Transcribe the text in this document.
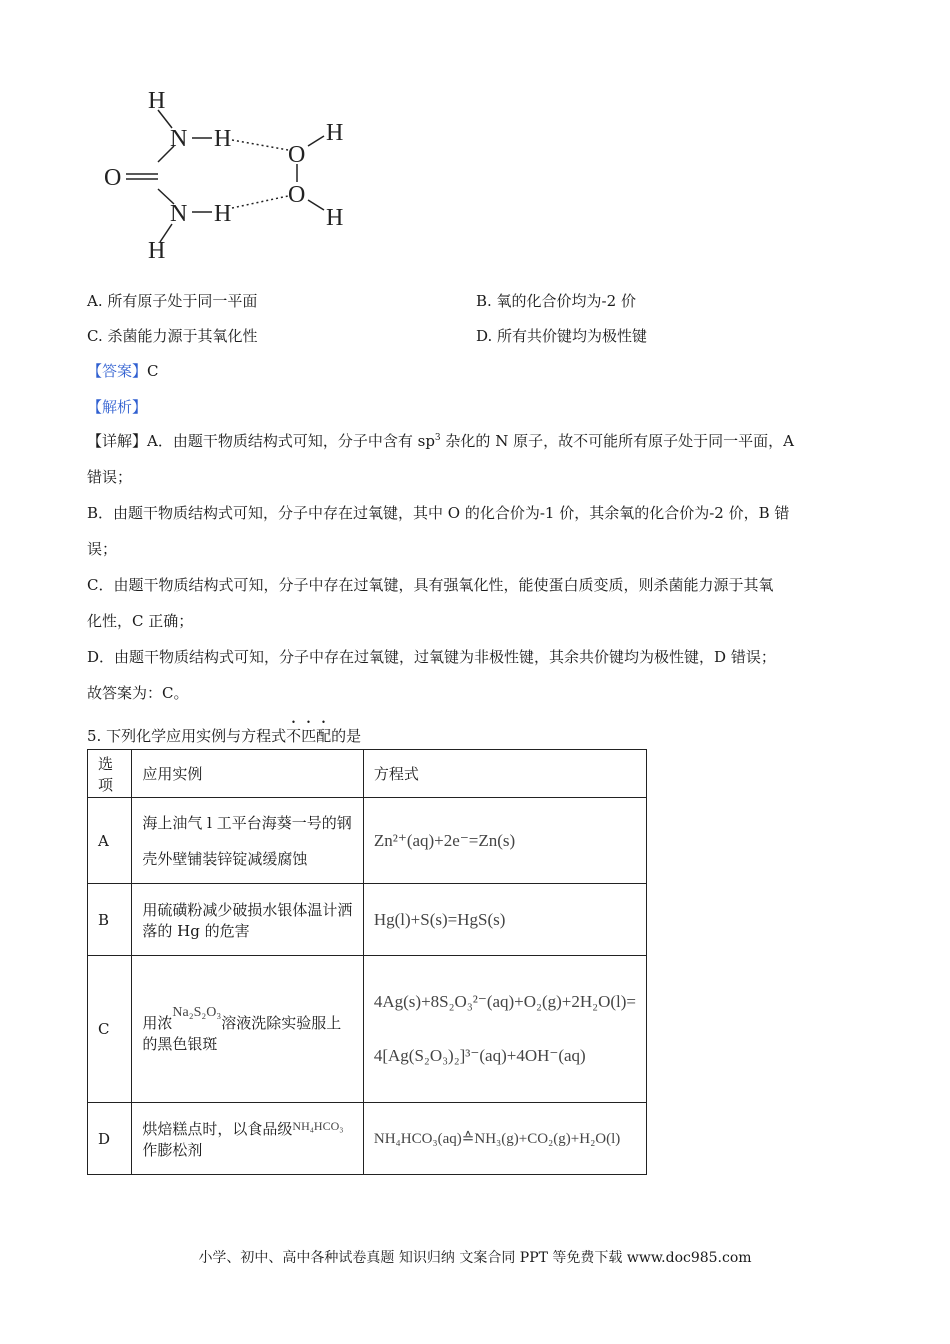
H
N H
O
N H
H
O
O
H
H
A. 所有原子处于同一平面	B. 氧的化合价均为-2 价
C. 杀菌能力源于其氧化性	D. 所有共价键均为极性键
【答案】C
【解析】
【详解】A．由题干物质结构式可知，分子中含有 $sp^3$ 杂化的 N 原子，故不可能所有原子处于同一平面，A
错误；
B．由题干物质结构式可知，分子中存在过氧键，其中 O 的化合价为-1 价，其余氧的化合价为-2 价，B 错
误；
C．由题干物质结构式可知，分子中存在过氧键，具有强氧化性，能使蛋白质变质，则杀菌能力源于其氧
化性，C 正确；
D．由题干物质结构式可知，分子中存在过氧键，过氧键为非极性键，其余共价键均为极性键，D 错误；
故答案为：C。
5. 下列化学应用实例与方程式不匹配的是
选项	应用实例	方程式
A	海上油气 l 工平台海葵一号的钢壳外壁铺装锌锭减缓腐蚀	Zn²⁺(aq)+2e⁻=Zn(s)
B	用硫磺粉减少破损水银体温计洒落的 Hg 的危害	Hg(l)+S(s)=HgS(s)
C	用浓Na₂S₂O₃溶液洗除实验服上的黑色银斑	4Ag(s)+8S₂O₃²⁻(aq)+O₂(g)+2H₂O(l)=
4[Ag(S₂O₃)₂]³⁻(aq)+4OH⁻(aq)

D	烘焙糕点时，以食品级$^{NH_4HCO_3}$作膨松剂	NH₄HCO₃(aq)≙NH₃(g)+CO₂(g)+H₂O(l)
小学、初中、高中各种试卷真题 知识归纳 文案合同 PPT 等免费下载 www.doc985.com
